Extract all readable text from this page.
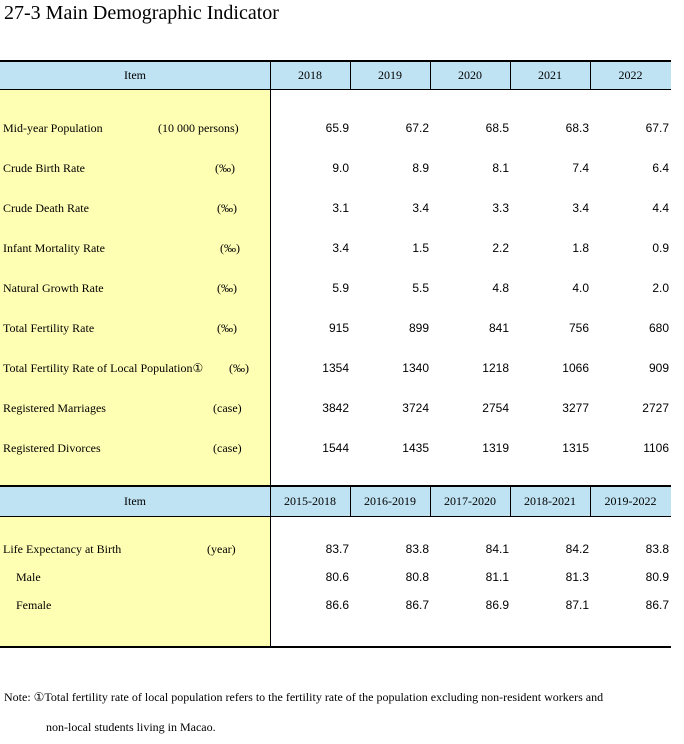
27-3 Main Demographic Indicator
Item	2018	2019	2020	2021	2022
Mid-year Population	(10 000 persons)	65.9	67.2	68.5	68.3	67.7
Crude Birth Rate	(‰)	9.0	8.9	8.1	7.4	6.4
Crude Death Rate	(‰)	3.1	3.4	3.3	3.4	4.4
Infant Mortality Rate	(‰)	3.4	1.5	2.2	1.8	0.9
Natural Growth Rate	(‰)	5.9	5.5	4.8	4.0	2.0
Total Fertility Rate	(‰)	915	899	841	756	680
Total Fertility Rate of Local Population① (‰)	1354	1340	1218	1066	909
Registered Marriages	(case)	3842	3724	2754	3277	2727
Registered Divorces	(case)	1544	1435	1319	1315	1106
Item	2015-2018	2016-2019	2017-2020	2018-2021	2019-2022
Life Expectancy at Birth	(year)	83.7	83.8	84.1	84.2	83.8
Male	80.6	80.8	81.1	81.3	80.9
Female	86.6	86.7	86.9	87.1	86.7
Note: ①Total fertility rate of local population refers to the fertility rate of the population excluding non-resident workers and
non-local students living in Macao.
